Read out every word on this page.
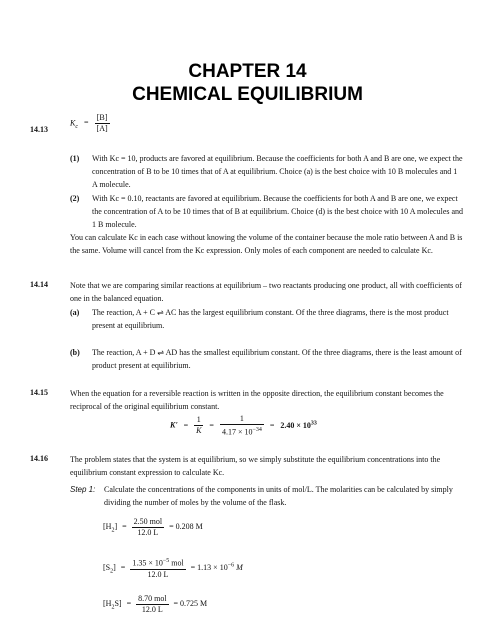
CHAPTER 14
CHEMICAL EQUILIBRIUM
14.13
$K_c = \frac{[B]}{[A]}$
(1) With Kc = 10, products are favored at equilibrium. Because the coefficients for both A and B are one, we expect the concentration of B to be 10 times that of A at equilibrium. Choice (a) is the best choice with 10 B molecules and 1 A molecule.
(2) With Kc = 0.10, reactants are favored at equilibrium. Because the coefficients for both A and B are one, we expect the concentration of A to be 10 times that of B at equilibrium. Choice (d) is the best choice with 10 A molecules and 1 B molecule.
You can calculate Kc in each case without knowing the volume of the container because the mole ratio between A and B is the same. Volume will cancel from the Kc expression. Only moles of each component are needed to calculate Kc.
14.14	Note that we are comparing similar reactions at equilibrium – two reactants producing one product, all with coefficients of one in the balanced equation.
(a) The reaction, A + C ⇌ AC has the largest equilibrium constant. Of the three diagrams, there is the most product present at equilibrium.
(b) The reaction, A + D ⇌ AD has the smallest equilibrium constant. Of the three diagrams, there is the least amount of product present at equilibrium.
14.15	When the equation for a reversible reaction is written in the opposite direction, the equilibrium constant becomes the reciprocal of the original equilibrium constant.
$K' = \frac{1}{K} = \frac{1}{4.17 \times 10^{-34}} = 2.40 \times 10^{33}$
14.16	The problem states that the system is at equilibrium, so we simply substitute the equilibrium concentrations into the equilibrium constant expression to calculate Kc.
Step 1: Calculate the concentrations of the components in units of mol/L. The molarities can be calculated by simply dividing the number of moles by the volume of the flask.
$[H_2] = \frac{\text{2.50 mol}}{12.0 L} = 0.208$ M
$[S_2] = \frac{1.35 \times 10^{-5} mol}{12.0 L} = 1.13 \times 10^{-6}$ M
$[H_2S] = \frac{\text{8.70 mol}}{12.0 L} = 0.725$ M
